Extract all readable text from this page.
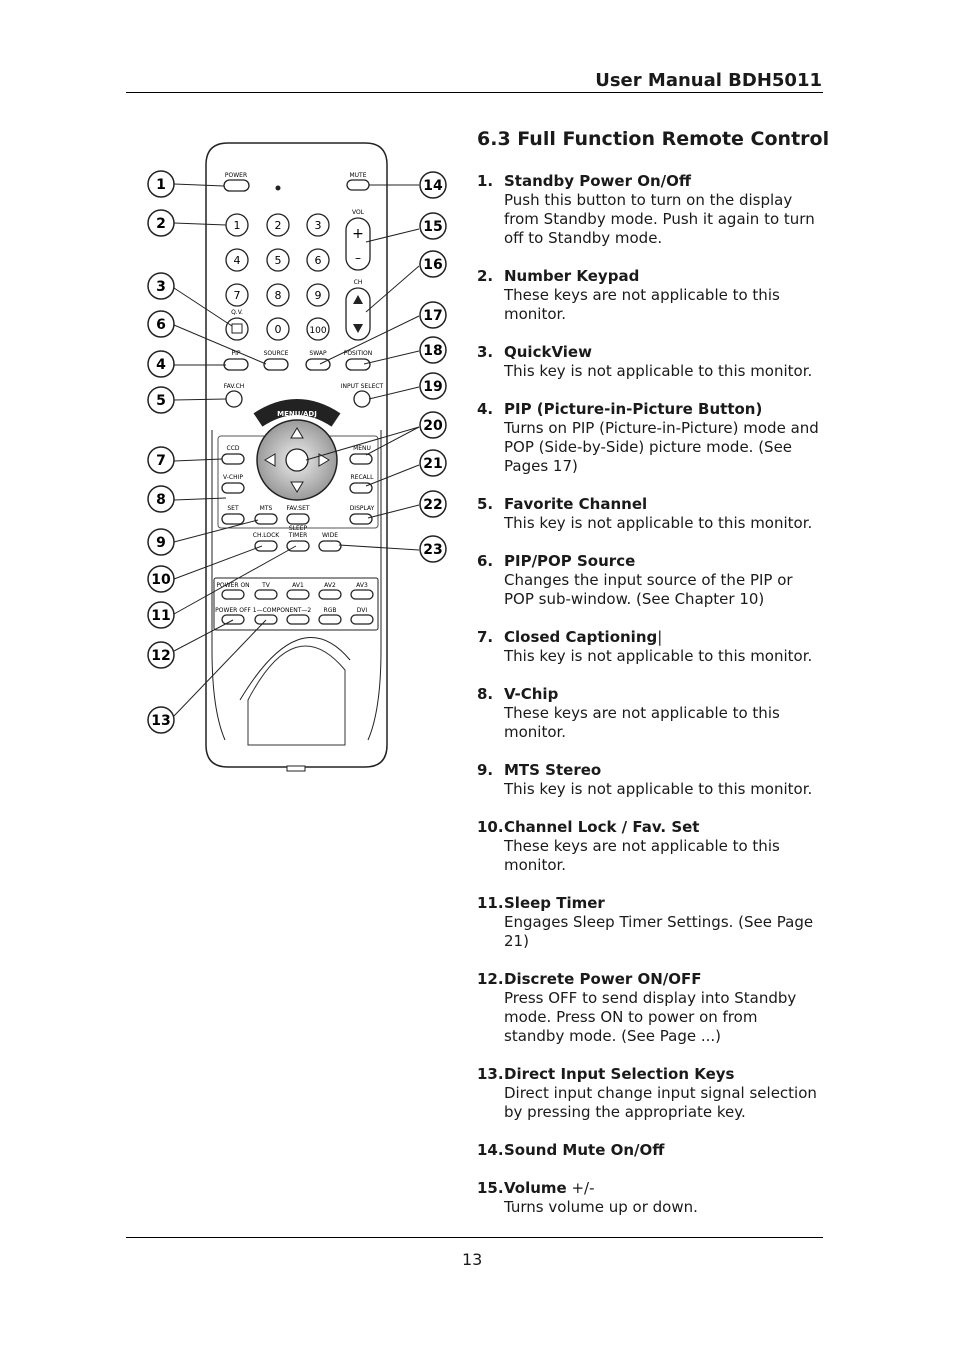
User Manual BDH5011
POWER	MUTE
1	2	3
4	5	6
7	8	9
0	100
Q.V.
VOL
+
–
CH
PIP	SOURCE	SWAP	POSITION
FAV.CH	INPUT SELECT
MENU/ADJ
CCD
V-CHIP
SET
MENU
RECALL
DISPLAY
MTS FAV.SET
CH.LOCK
SLEEP
TIMER WIDE
POWER ON TV	AV1	AV2	AV3
POWER OFF 1—COMPONENT—2 RGB	DVI
1
2
3
6
4
5
7
8
9
10
11
12
13
14
15
16
17
18
19
20
21
22
23
6.3 Full Function Remote Control
1. Standby Power On/Off
Push this button to turn on the display from Standby mode. Push it again to turn off to Standby mode.
2. Number Keypad
These keys are not applicable to this monitor.
3. QuickView
This key is not applicable to this monitor.
4. PIP (Picture-in-Picture Button)
Turns on PIP (Picture-in-Picture) mode and POP (Side-by-Side) picture mode. (See Pages 17)
5. Favorite Channel
This key is not applicable to this monitor.
6. PIP/POP Source
Changes the input source of the PIP or POP sub-window. (See Chapter 10)
7. Closed Captioning|
This key is not applicable to this monitor.
8. V-Chip
These keys are not applicable to this monitor.
9. MTS Stereo
This key is not applicable to this monitor.
10. Channel Lock / Fav. Set
These keys are not applicable to this monitor.
11. Sleep Timer
Engages Sleep Timer Settings. (See Page 21)
12. Discrete Power ON/OFF
Press OFF to send display into Standby mode. Press ON to power on from standby mode. (See Page ...)
13. Direct Input Selection Keys
Direct input change input signal selection by pressing the appropriate key.
14. Sound Mute On/Off
15. Volume +/-
Turns volume up or down.
13
